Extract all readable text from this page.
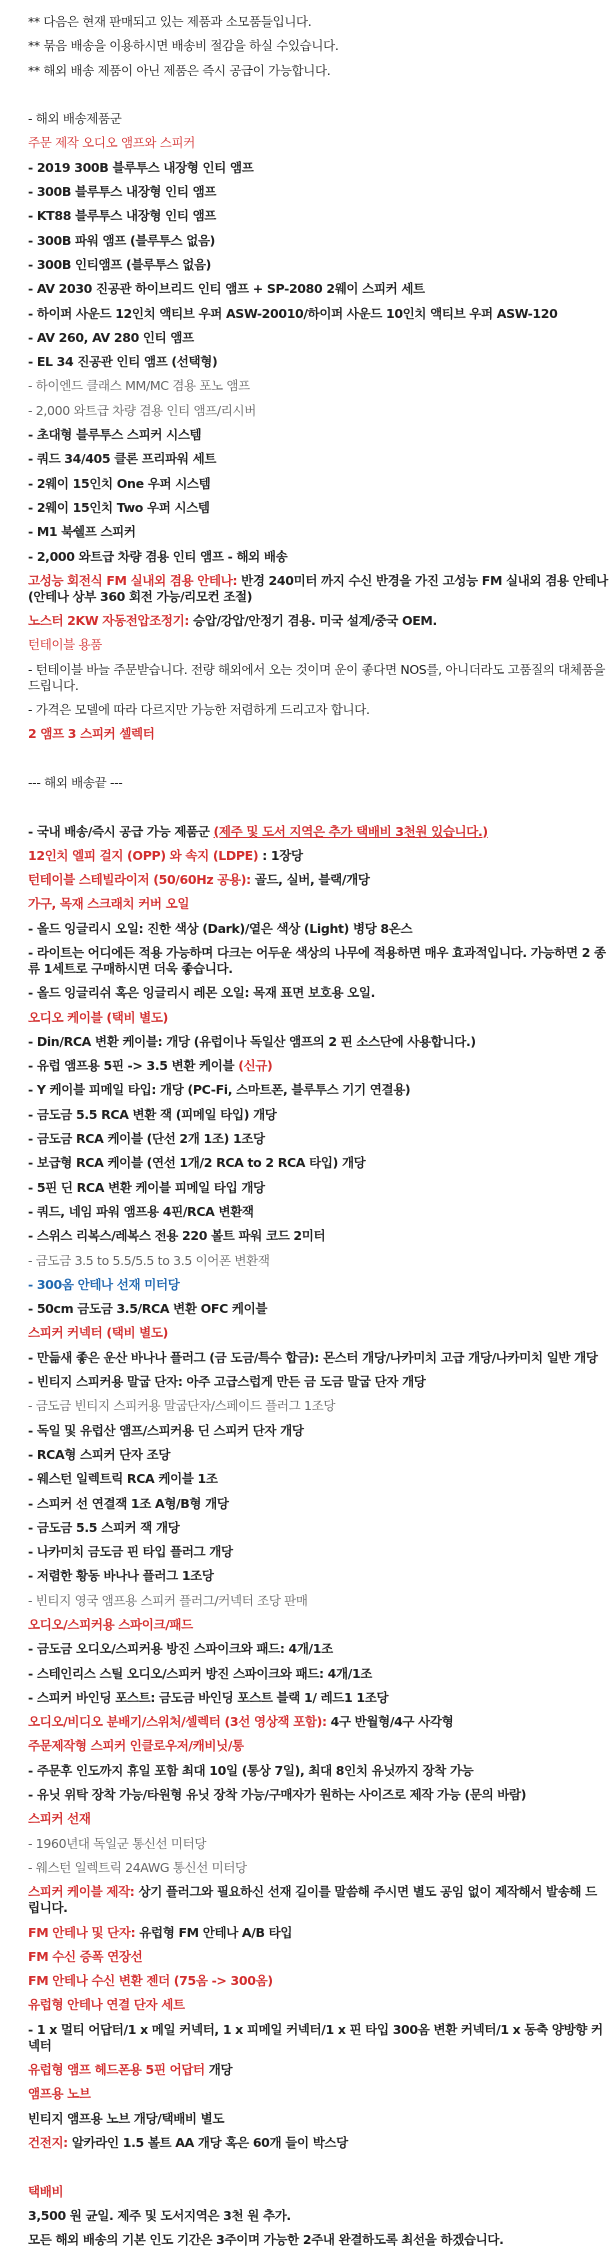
** 다음은 현재 판매되고 있는 제품과 소모품들입니다.
** 묶음 배송을 이용하시면 배송비 절감을 하실 수있습니다.
** 해외 배송 제품이 아닌 제품은 즉시 공급이 가능합니다.
- 해외 배송제품군
주문 제작 오디오 앰프와 스피커
- 2019 300B 블루투스 내장형 인티 앰프
- 300B 블루투스 내장형 인티 앰프
- KT88 블루투스 내장형 인티 앰프
- 300B 파워 앰프 (블루투스 없음)
- 300B 인티앰프 (블루투스 없음)
- AV 2030 진공관 하이브리드 인티 앰프 + SP-2080 2웨이 스피커 세트
- 하이퍼 사운드 12인치 액티브 우퍼 ASW-20010/하이퍼 사운드 10인치 액티브 우퍼 ASW-120
- AV 260, AV 280 인티 앰프
- EL 34 진공관 인티 앰프 (선택형)
- 하이엔드 클래스 MM/MC 겸용 포노 앰프
- 2,000 와트급 차량 겸용 인티 앰프/리시버
- 초대형 블루투스 스피커 시스템
- 쿼드 34/405 클론 프리파워 세트
- 2웨이 15인치 One 우퍼 시스템
- 2웨이 15인치 Two 우퍼 시스템
- M1 북쉘프 스피커
- 2,000 와트급 차량 겸용 인티 앰프 - 해외 배송
고성능 회전식 FM 실내외 겸용 안테나: 반경 240미터 까지 수신 반경을 가진 고성능 FM 실내외 겸용 안테나 (안테나 상부 360 회전 가능/리모컨 조절)
노스터 2KW 자동전압조정기: 승압/강압/안정기 겸용. 미국 설계/중국 OEM.
턴테이블 용품
- 턴테이블 바늘 주문받습니다. 전량 해외에서 오는 것이며 운이 좋다면 NOS를, 아니더라도 고품질의 대체품을 드립니다.
- 가격은 모델에 따라 다르지만 가능한 저렴하게 드리고자 합니다.
2 앰프 3 스피커 셀렉터
--- 해외 배송끝 ---
- 국내 배송/즉시 공급 가능 제품군 (제주 및 도서 지역은 추가 택배비 3천원 있습니다.)
12인치 엘피 걸지 (OPP) 와 속지 (LDPE) : 1장당
턴테이블 스테빌라이저 (50/60Hz 공용): 골드, 실버, 블랙/개당
가구, 목재 스크래치 커버 오일
- 올드 잉글리시 오일: 진한 색상 (Dark)/옅은 색상 (Light) 병당 8온스
- 라이트는 어디에든 적용 가능하며 다크는 어두운 색상의 나무에 적용하면 매우 효과적입니다. 가능하면 2 종류 1세트로 구매하시면 더욱 좋습니다.
- 올드 잉글리쉬 혹은 잉글리시 레몬 오일: 목재 표면 보호용 오일.
오디오 케이블 (택비 별도)
- Din/RCA 변환 케이블: 개당 (유럽이나 독일산 앰프의 2 핀 소스단에 사용합니다.)
- 유럽 앰프용 5핀 -> 3.5 변환 케이블 (신규)
- Y 케이블 피메일 타입: 개당 (PC-Fi, 스마트폰, 블루투스 기기 연결용)
- 금도금 5.5 RCA 변환 잭 (피메일 타입) 개당
- 금도금 RCA 케이블 (단선 2개 1조) 1조당
- 보급형 RCA 케이블 (연선 1개/2 RCA to 2 RCA 타입) 개당
- 5핀 딘 RCA 변환 케이블 피메일 타입 개당
- 쿼드, 네임 파워 앰프용 4핀/RCA 변환잭
- 스위스 리복스/레복스 전용 220 볼트 파워 코드 2미터
- 금도금 3.5 to 5.5/5.5 to 3.5 이어폰 변환잭
- 300옴 안테나 선재 미터당
- 50cm 금도금 3.5/RCA 변환 OFC 케이블
스피커 커넥터 (택비 별도)
- 만듦새 좋은 운산 바나나 플러그 (금 도금/특수 합금): 몬스터 개당/나카미치 고급 개당/나카미치 일반 개당
- 빈티지 스피커용 말굽 단자: 아주 고급스럽게 만든 금 도금 말굽 단자 개당
- 금도금 빈티지 스피커용 말굽단자/스페이드 플러그 1조당
- 독일 및 유럽산 앰프/스피커용 딘 스피커 단자 개당
- RCA형 스피커 단자 조당
- 웨스턴 일렉트릭 RCA 케이블 1조
- 스피커 선 연결잭 1조 A형/B형 개당
- 금도금 5.5 스피커 잭 개당
- 나카미치 금도금 핀 타입 플러그 개당
- 저렴한 황동 바나나 플러그 1조당
- 빈티지 영국 앰프용 스피커 플러그/커넥터 조당 판매
오디오/스피커용 스파이크/패드
- 금도금 오디오/스피커용 방진 스파이크와 패드: 4개/1조
- 스테인리스 스틸 오디오/스피커 방진 스파이크와 패드: 4개/1조
- 스피커 바인딩 포스트: 금도금 바인딩 포스트 블랙 1/ 레드1 1조당
오디오/비디오 분배기/스위처/셀렉터 (3선 영상잭 포함): 4구 반월형/4구 사각형
주문제작형 스피커 인클로우저/캐비닛/통
- 주문후 인도까지 휴일 포함 최대 10일 (통상 7일), 최대 8인치 유닛까지 장착 가능
- 유닛 위탁 장착 가능/타원형 유닛 장착 가능/구매자가 원하는 사이즈로 제작 가능 (문의 바람)
스피커 선재
- 1960년대 독일군 통신선 미터당
- 웨스턴 일렉트릭 24AWG 통신선 미터당
스피커 케이블 제작: 상기 플러그와 필요하신 선재 길이를 말씀해 주시면 별도 공임 없이 제작해서 발송해 드립니다.
FM 안테나 및 단자: 유럽형 FM 안테나 A/B 타입
FM 수신 증폭 연장선
FM 안테나 수신 변환 젠더 (75옴 -> 300옴)
유럽형 안테나 연결 단자 세트
- 1 x 멀티 어답터/1 x 메일 커넥터, 1 x 피메일 커넥터/1 x 핀 타입 300옴 변환 커넥터/1 x 동축 양방향 커넥터
유럽형 앰프 헤드폰용 5핀 어답터 개당
앰프용 노브
빈티지 앰프용 노브 개당/택배비 별도
건전지: 알카라인 1.5 볼트 AA 개당 혹은 60개 들이 박스당
택배비
3,500 원 균일. 제주 및 도서지역은 3천 원 추가.
모든 해외 배송의 기본 인도 기간은 3주이며 가능한 2주내 완결하도록 최선을 하겠습니다.
